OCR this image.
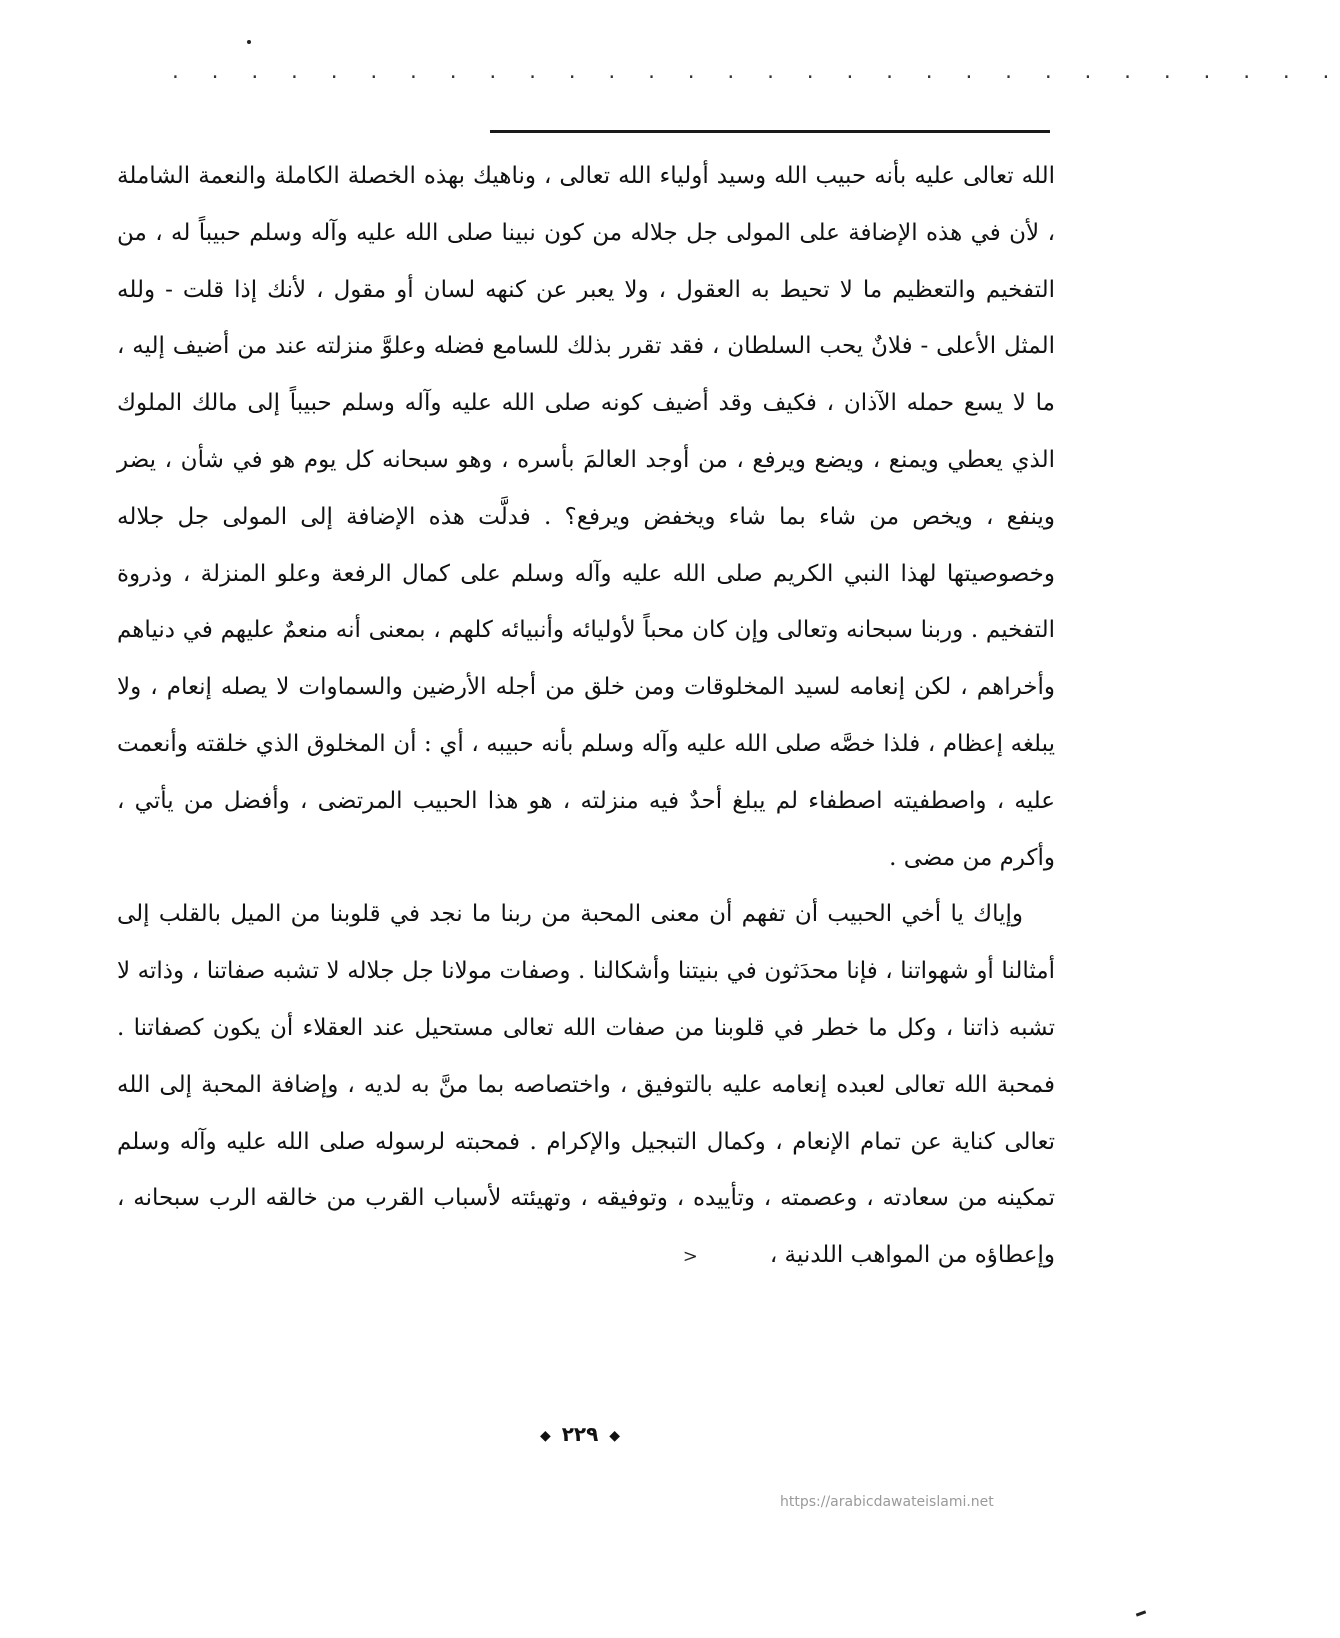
. . . . . . . . . . . . . . . . . . . . . . . . . . . . . .

الله تعالى عليه بأنه حبيب الله وسيد أولياء الله تعالى ، وناهيك بهذه الخصلة الكاملة والنعمة الشاملة ، لأن في هذه الإضافة على المولى جل جلاله من كون نبينا صلى الله عليه وآله وسلم حبيباً له ، من التفخيم والتعظيم ما لا تحيط به العقول ، ولا يعبر عن كنهه لسان أو مقول ، لأنك إذا قلت - ولله المثل الأعلى - فلانٌ يحب السلطان ، فقد تقرر بذلك للسامع فضله وعلوَّ منزلته عند من أضيف إليه ، ما لا يسع حمله الآذان ، فكيف وقد أضيف كونه صلى الله عليه وآله وسلم حبيباً إلى مالك الملوك الذي يعطي ويمنع ، ويضع ويرفع ، من أوجد العالمَ بأسره ، وهو سبحانه كل يوم هو في شأن ، يضر وينفع ، ويخص من شاء بما شاء ويخفض ويرفع؟ . فدلَّت هذه الإضافة إلى المولى جل جلاله وخصوصيتها لهذا النبي الكريم صلى الله عليه وآله وسلم على كمال الرفعة وعلو المنزلة ، وذروة التفخيم . وربنا سبحانه وتعالى وإن كان محباً لأوليائه وأنبيائه كلهم ، بمعنى أنه منعمٌ عليهم في دنياهم وأخراهم ، لكن إنعامه لسيد المخلوقات ومن خلق من أجله الأرضين والسماوات لا يصله إنعام ، ولا يبلغه إعظام ، فلذا خصَّه صلى الله عليه وآله وسلم بأنه حبيبه ، أي : أن المخلوق الذي خلقته وأنعمت عليه ، واصطفيته اصطفاء لم يبلغ أحدٌ فيه منزلته ، هو هذا الحبيب المرتضى ، وأفضل من يأتي ، وأكرم من مضى .

وإياك يا أخي الحبيب أن تفهم أن معنى المحبة من ربنا ما نجد في قلوبنا من الميل بالقلب إلى أمثالنا أو شهواتنا ، فإنا محدَثون في بنيتنا وأشكالنا . وصفات مولانا جل جلاله لا تشبه صفاتنا ، وذاته لا تشبه ذاتنا ، وكل ما خطر في قلوبنا من صفات الله تعالى مستحيل عند العقلاء أن يكون كصفاتنا . فمحبة الله تعالى لعبده إنعامه عليه بالتوفيق ، واختصاصه بما منَّ به لديه ، وإضافة المحبة إلى الله تعالى كناية عن تمام الإنعام ، وكمال التبجيل والإكرام . فمحبته لرسوله صلى الله عليه وآله وسلم تمكينه من سعادته ، وعصمته ، وتأييده ، وتوفيقه ، وتهيئته لأسباب القرب من خالقه الرب سبحانه ، وإعطاؤه من المواهب اللدنية ،<

◆ ٢٢٩ ◆
https://arabicdawateislami.net
